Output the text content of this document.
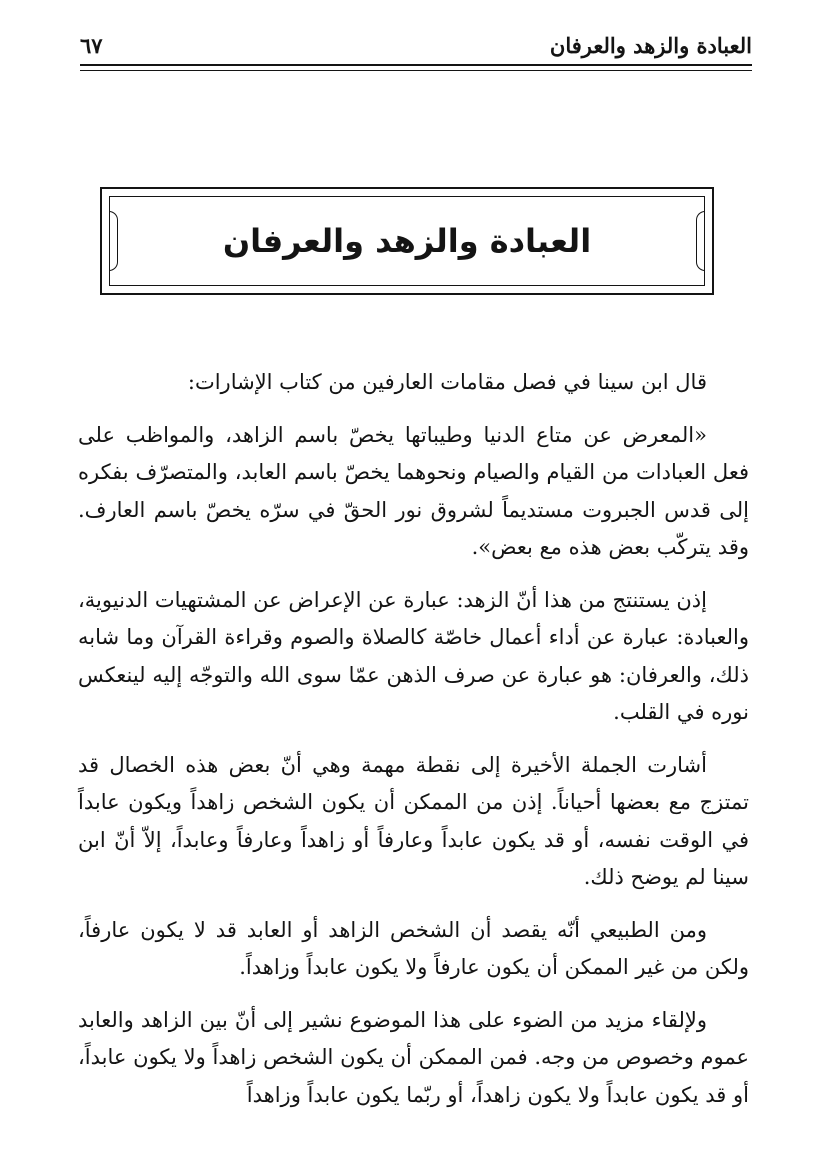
العبادة والزهد والعرفان
٦٧
العبادة والزهد والعرفان

قال ابن سينا في فصل مقامات العارفين من كتاب الإشارات:

«المعرض عن متاع الدنيا وطيباتها يخصّ باسم الزاهد، والمواظب على فعل العبادات من القيام والصيام ونحوهما يخصّ باسم العابد، والمتصرّف بفكره إلى قدس الجبروت مستديماً لشروق نور الحقّ في سرّه يخصّ باسم العارف. وقد يتركّب بعض هذه مع بعض».

إذن يستنتج من هذا أنّ الزهد: عبارة عن الإعراض عن المشتهيات الدنيوية، والعبادة: عبارة عن أداء أعمال خاصّة كالصلاة والصوم وقراءة القرآن وما شابه ذلك، والعرفان: هو عبارة عن صرف الذهن عمّا سوى الله والتوجّه إليه لينعكس نوره في القلب.

أشارت الجملة الأخيرة إلى نقطة مهمة وهي أنّ بعض هذه الخصال قد تمتزج مع بعضها أحياناً. إذن من الممكن أن يكون الشخص زاهداً ويكون عابداً في الوقت نفسه، أو قد يكون عابداً وعارفاً أو زاهداً وعارفاً وعابداً، إلاّ أنّ ابن سينا لم يوضح ذلك.

ومن الطبيعي أنّه يقصد أن الشخص الزاهد أو العابد قد لا يكون عارفاً، ولكن من غير الممكن أن يكون عارفاً ولا يكون عابداً وزاهداً.

ولإلقاء مزيد من الضوء على هذا الموضوع نشير إلى أنّ بين الزاهد والعابد عموم وخصوص من وجه. فمن الممكن أن يكون الشخص زاهداً ولا يكون عابداً، أو قد يكون عابداً ولا يكون زاهداً، أو ربّما يكون عابداً وزاهداً
